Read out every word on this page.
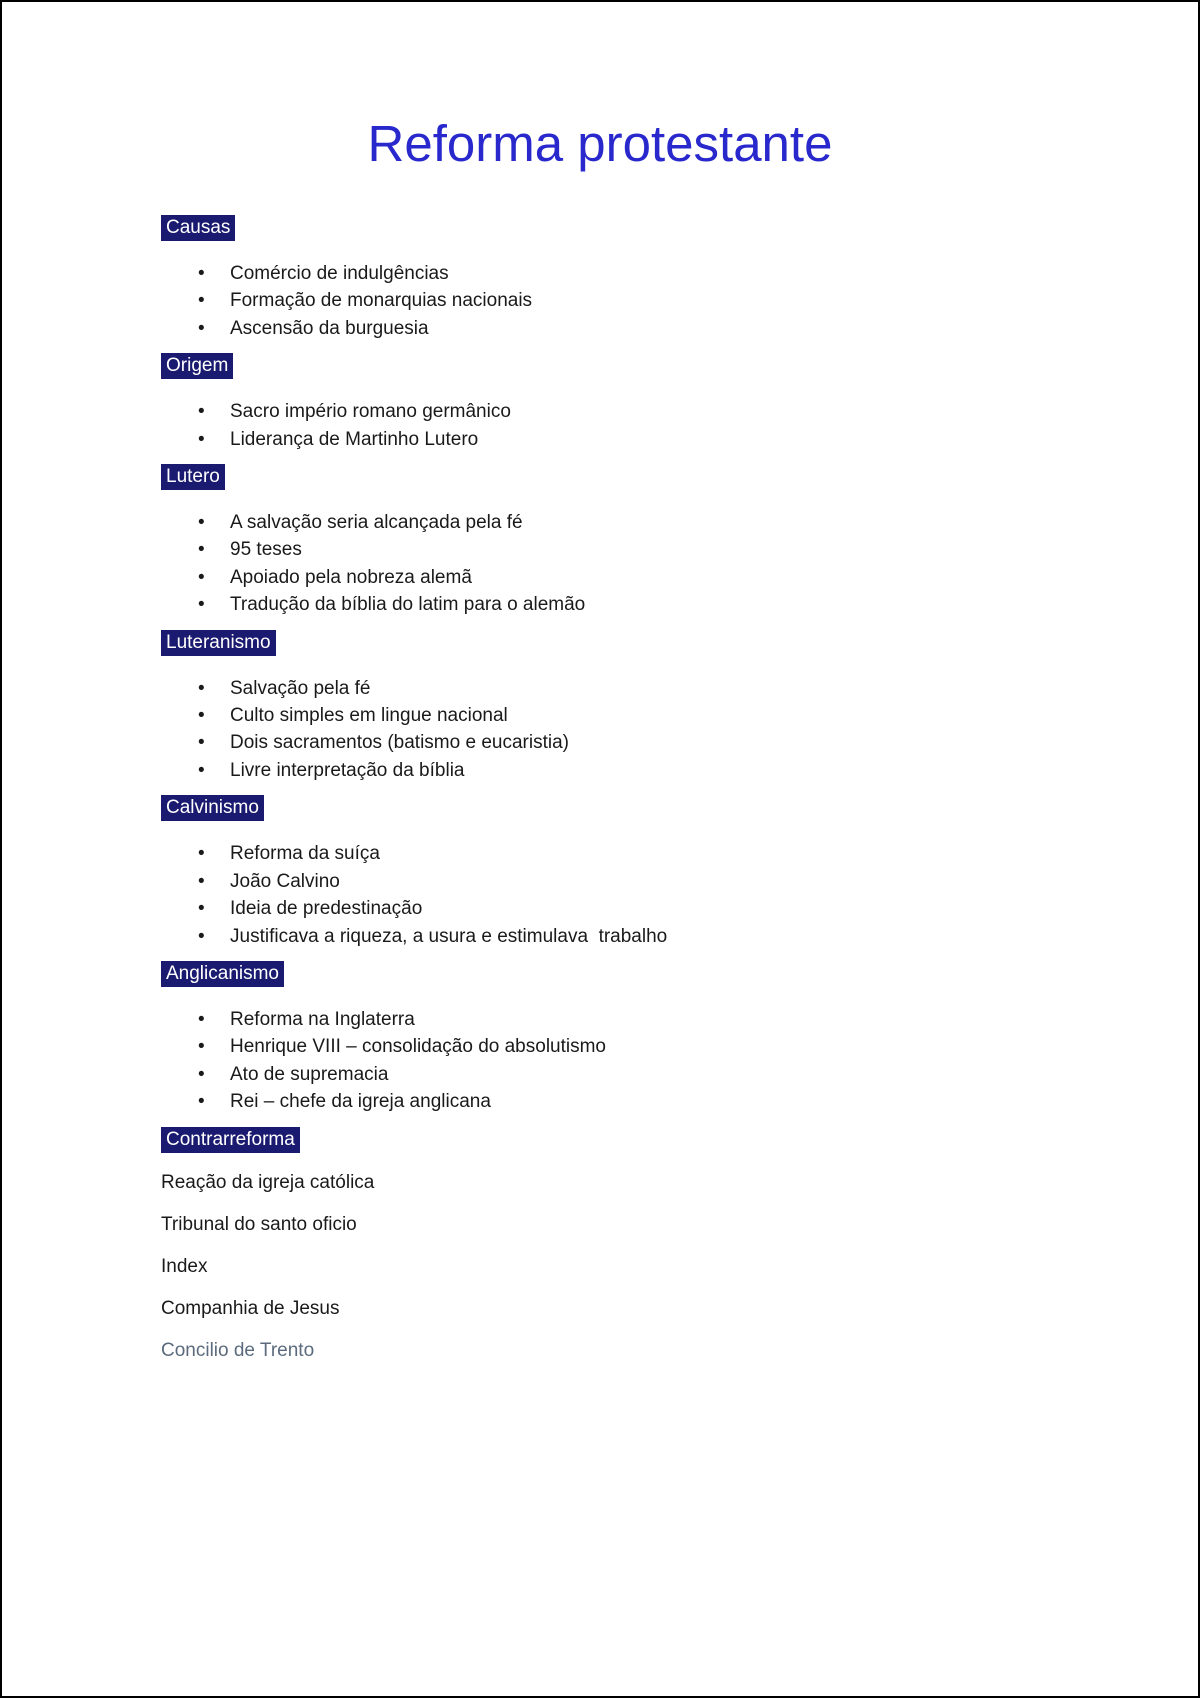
Reforma protestante
Causas
• Comércio de indulgências
• Formação de monarquias nacionais
• Ascensão da burguesia
Origem
• Sacro império romano germânico
• Liderança de Martinho Lutero
Lutero
• A salvação seria alcançada pela fé
• 95 teses
• Apoiado pela nobreza alemã
• Tradução da bíblia do latim para o alemão
Luteranismo
• Salvação pela fé
• Culto simples em lingue nacional
• Dois sacramentos (batismo e eucaristia)
• Livre interpretação da bíblia
Calvinismo
• Reforma da suíça
• João Calvino
• Ideia de predestinação
• Justificava a riqueza, a usura e estimulava  trabalho
Anglicanismo
• Reforma na Inglaterra
• Henrique VIII – consolidação do absolutismo
• Ato de supremacia
• Rei – chefe da igreja anglicana
Contrarreforma

Reação da igreja católica

Tribunal do santo oficio

Index

Companhia de Jesus

Concilio de Trento
